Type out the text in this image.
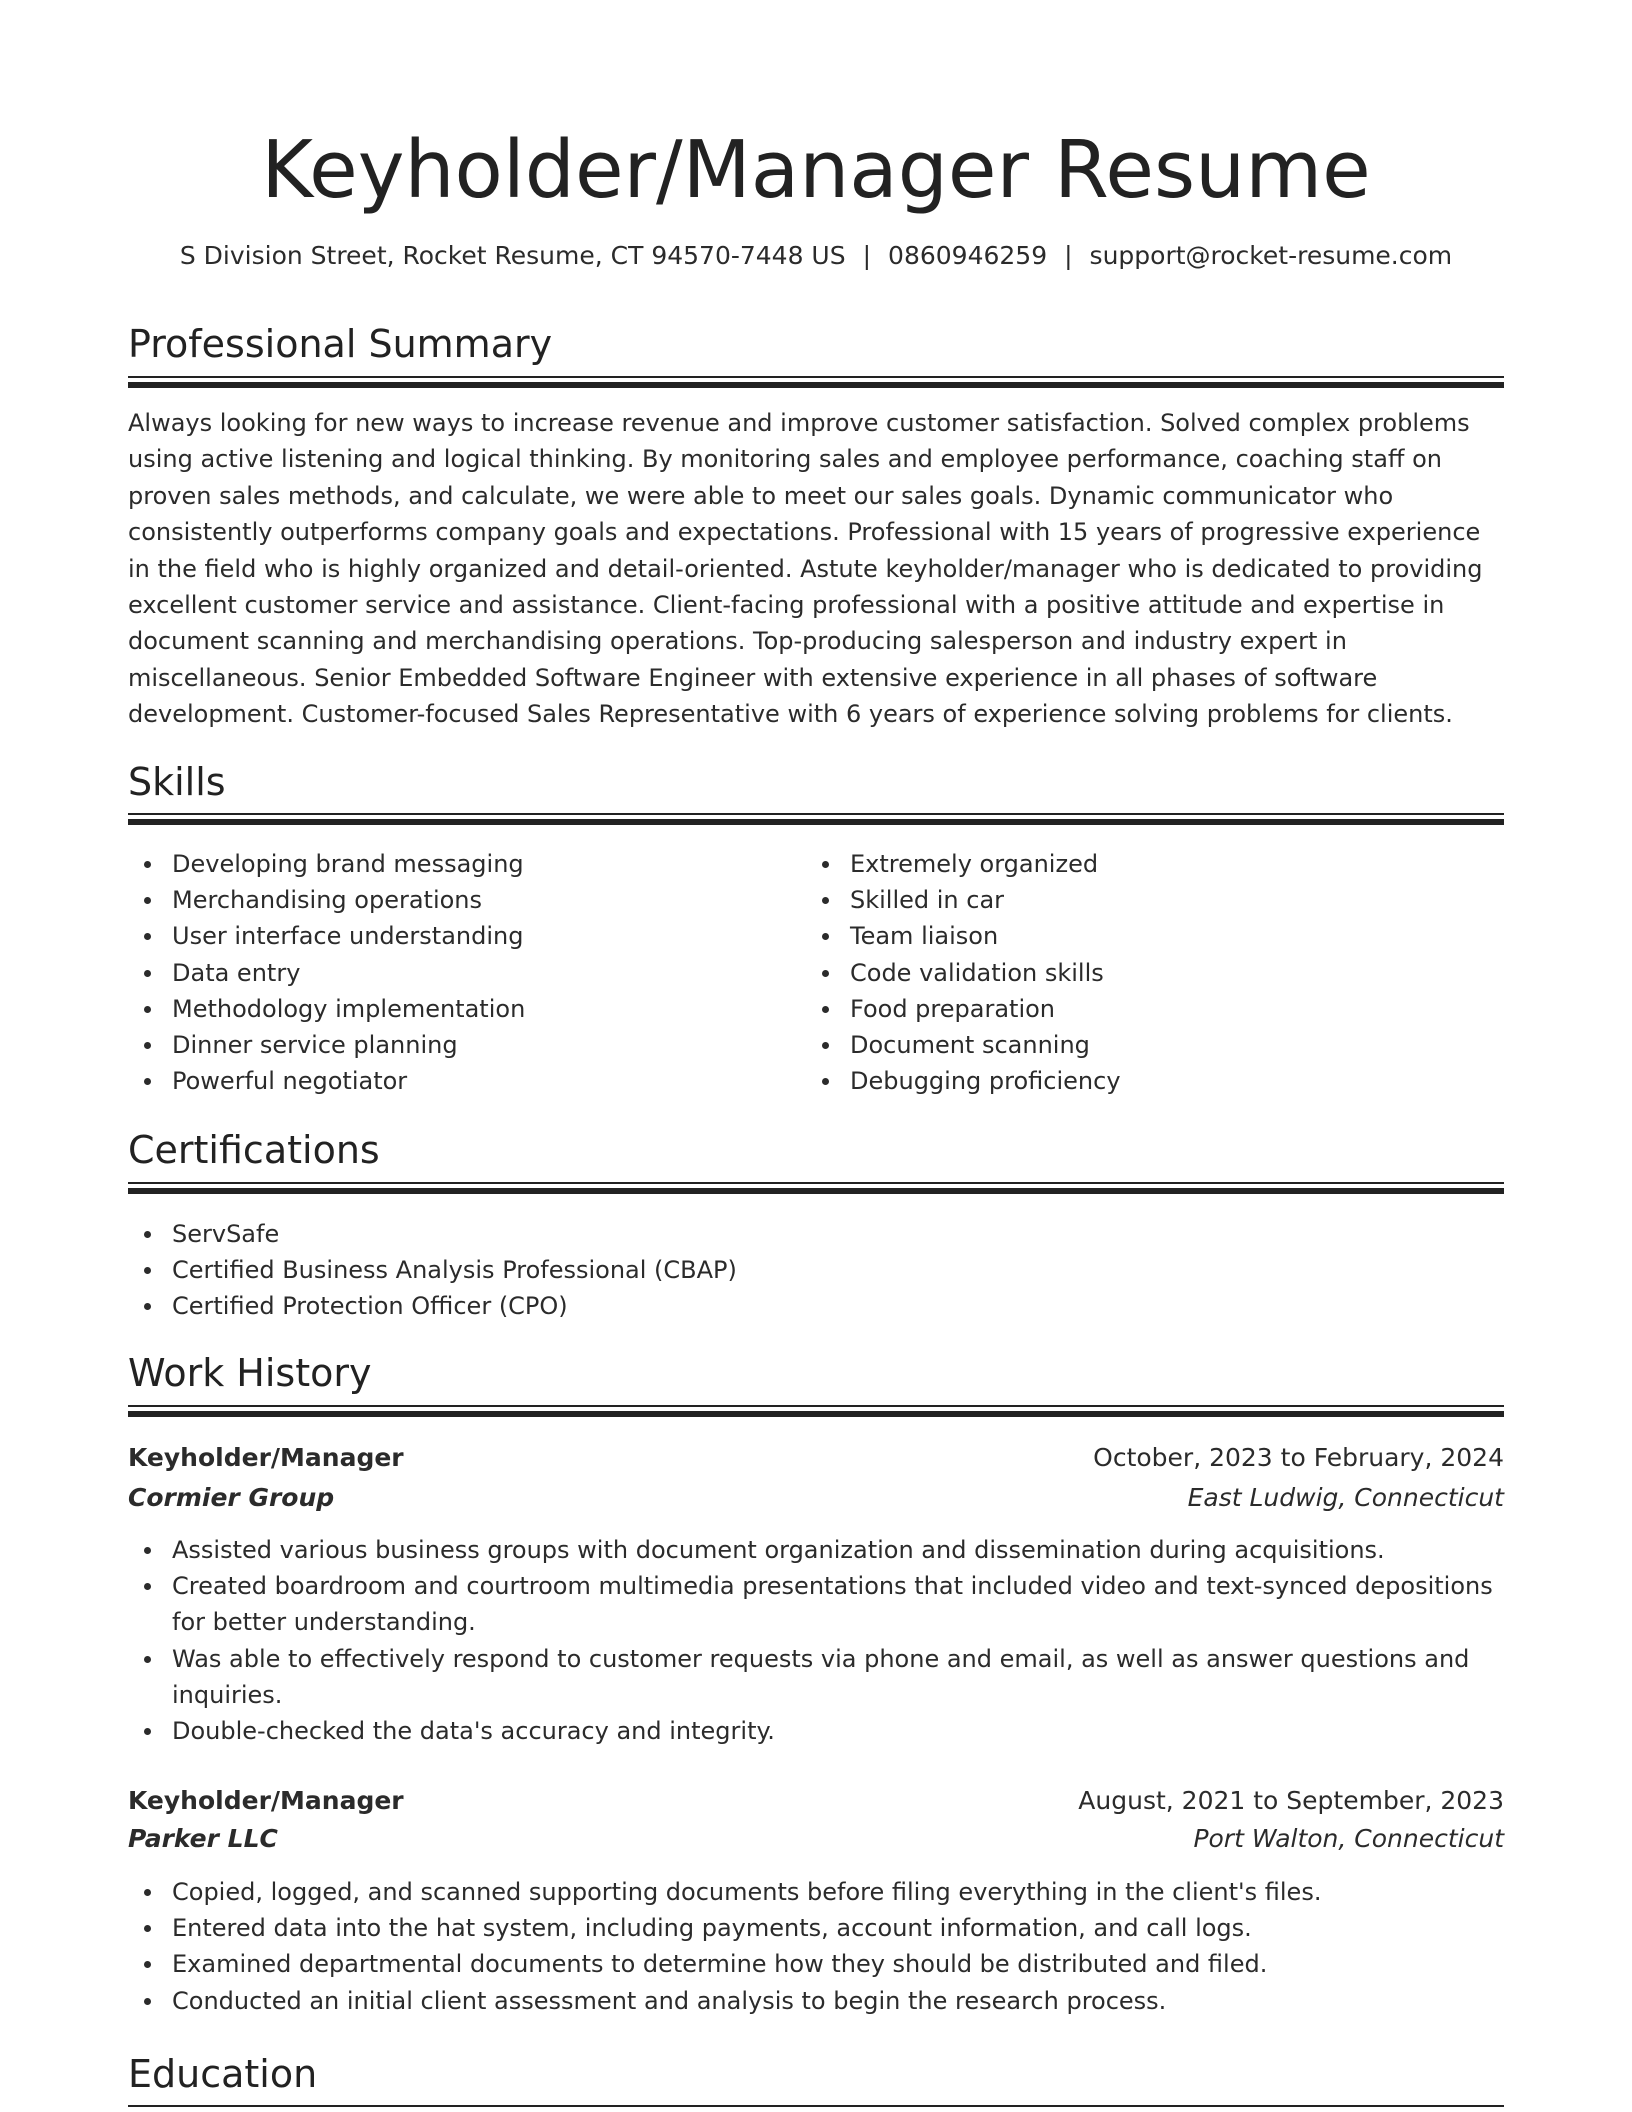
Keyholder/Manager Resume
S Division Street, Rocket Resume, CT 94570-7448 US | 0860946259 | support@rocket-resume.com
Professional Summary

Always looking for new ways to increase revenue and improve customer satisfaction. Solved complex problems using active listening and logical thinking. By monitoring sales and employee performance, coaching staff on proven sales methods, and calculate, we were able to meet our sales goals. Dynamic communicator who consistently outperforms company goals and expectations. Professional with 15 years of progressive experience in the field who is highly organized and detail-oriented. Astute keyholder/manager who is dedicated to providing excellent customer service and assistance. Client-facing professional with a positive attitude and expertise in document scanning and merchandising operations. Top-producing salesperson and industry expert in miscellaneous. Senior Embedded Software Engineer with extensive experience in all phases of software development. Customer-focused Sales Representative with 6 years of experience solving problems for clients.

Skills
Developing brand messaging
Merchandising operations
User interface understanding
Data entry
Methodology implementation
Dinner service planning
Powerful negotiator
Extremely organized
Skilled in car
Team liaison
Code validation skills
Food preparation
Document scanning
Debugging proficiency
Certifications
ServSafe
Certified Business Analysis Professional (CBAP)
Certified Protection Officer (CPO)
Work History
Keyholder/Manager	October, 2023 to February, 2024
Cormier Group	East Ludwig, Connecticut
Assisted various business groups with document organization and dissemination during acquisitions.
Created boardroom and courtroom multimedia presentations that included video and text-synced depositions for better understanding.
Was able to effectively respond to customer requests via phone and email, as well as answer questions and inquiries.
Double-checked the data's accuracy and integrity.
Keyholder/Manager	August, 2021 to September, 2023
Parker LLC	Port Walton, Connecticut
Copied, logged, and scanned supporting documents before filing everything in the client's files.
Entered data into the hat system, including payments, account information, and call logs.
Examined departmental documents to determine how they should be distributed and filed.
Conducted an initial client assessment and analysis to begin the research process.
Education
